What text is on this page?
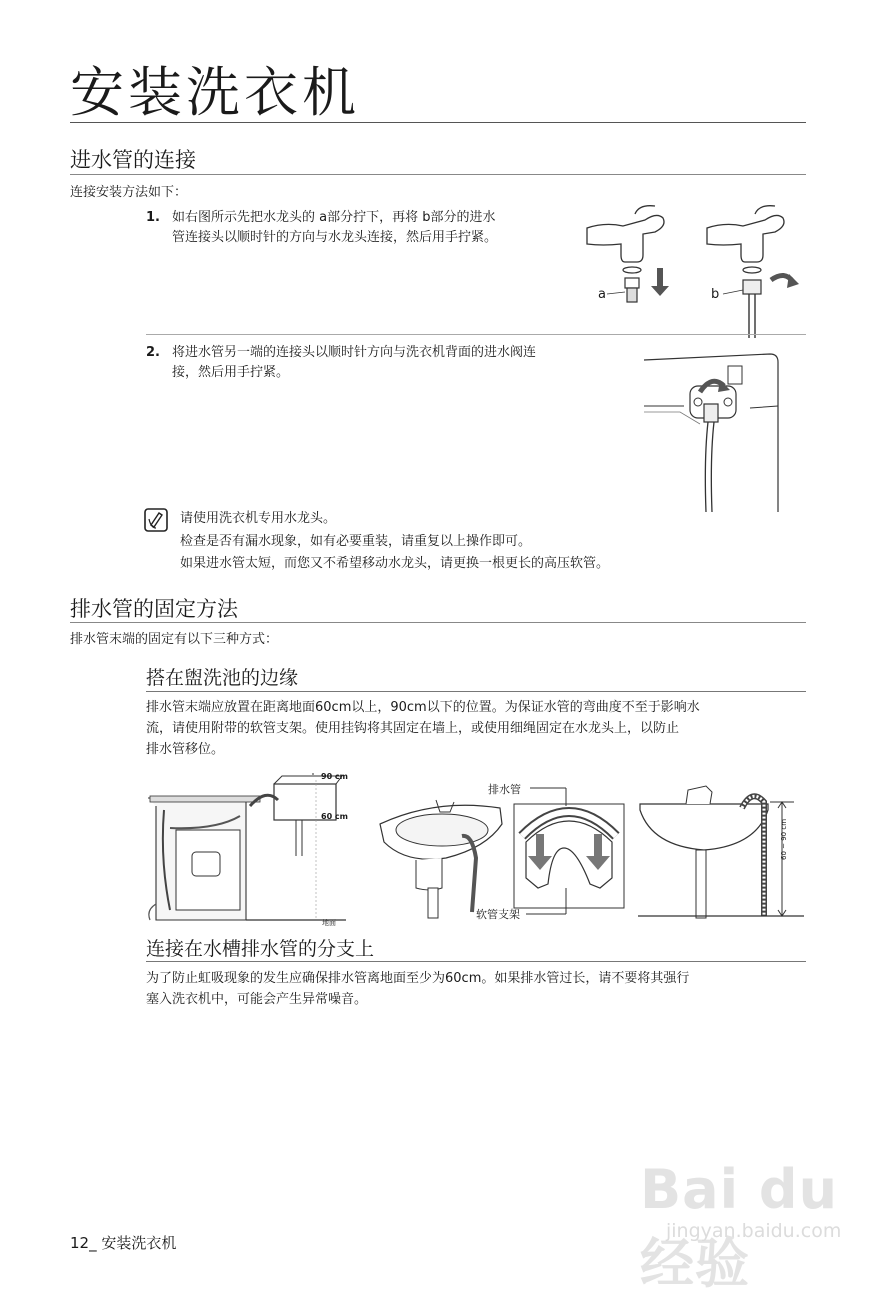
安装洗衣机
进水管的连接
连接安装方法如下：
1. 如右图所示先把水龙头的 a部分拧下，再将 b部分的进水
管连接头以顺时针的方向与水龙头连接，然后用手拧紧。
a	b
2. 将进水管另一端的连接头以顺时针方向与洗衣机背面的进水阀连
接，然后用手拧紧。
请使用洗衣机专用水龙头。
检查是否有漏水现象，如有必要重装，请重复以上操作即可。
如果进水管太短，而您又不希望移动水龙头，请更换一根更长的高压软管。
排水管的固定方法
排水管末端的固定有以下三种方式：
搭在盥洗池的边缘
排水管末端应放置在距离地面60cm以上，90cm以下的位置。为保证水管的弯曲度不至于影响水
流，请使用附带的软管支架。使用挂钩将其固定在墙上，或使用细绳固定在水龙头上，以防止
排水管移位。
90 cm
60 cm
地面
排水管
软管支架
60 ~ 90 cm
连接在水槽排水管的分支上
为了防止虹吸现象的发生应确保排水管离地面至少为60cm。如果排水管过长，请不要将其强行
塞入洗衣机中，可能会产生异常噪音。
Bai du 经验
jingyan.baidu.com
12_ 安装洗衣机
